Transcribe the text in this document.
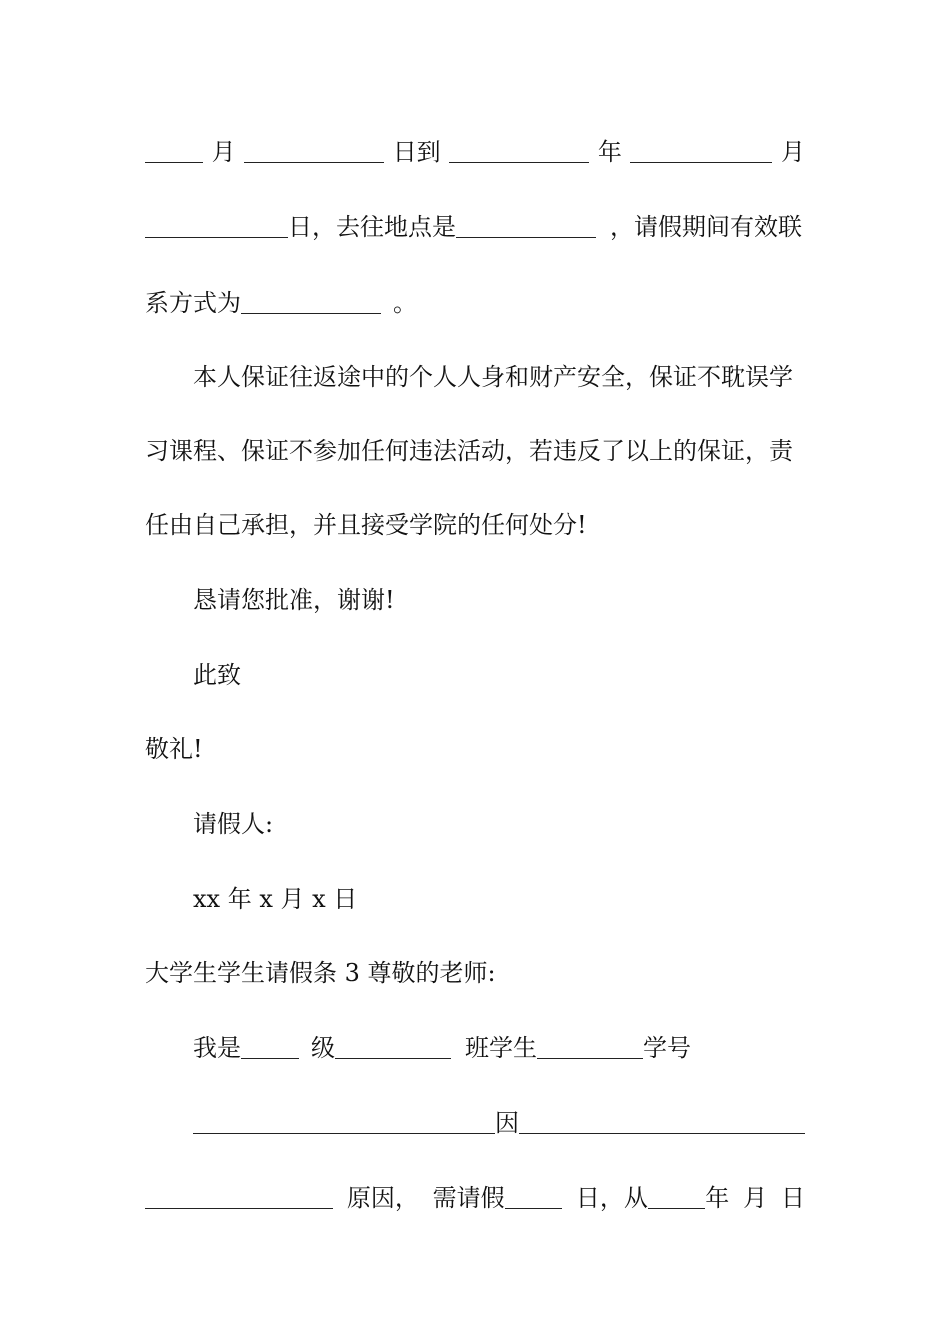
月	日到	年	月
日，去往地点是	，请假期间有效联
系方式为	。
本人保证往返途中的个人人身和财产安全，保证不耽误学
习课程、保证不参加任何违法活动，若违反了以上的保证，责
任由自己承担，并且接受学院的任何处分!
恳请您批准，谢谢!
此致
敬礼!
请假人:
xx 年 x 月 x 日
大学生学生请假条 3 尊敬的老师:
我是	级	班学生	学号
因
原因， 需请假	日，从 年 月 日
